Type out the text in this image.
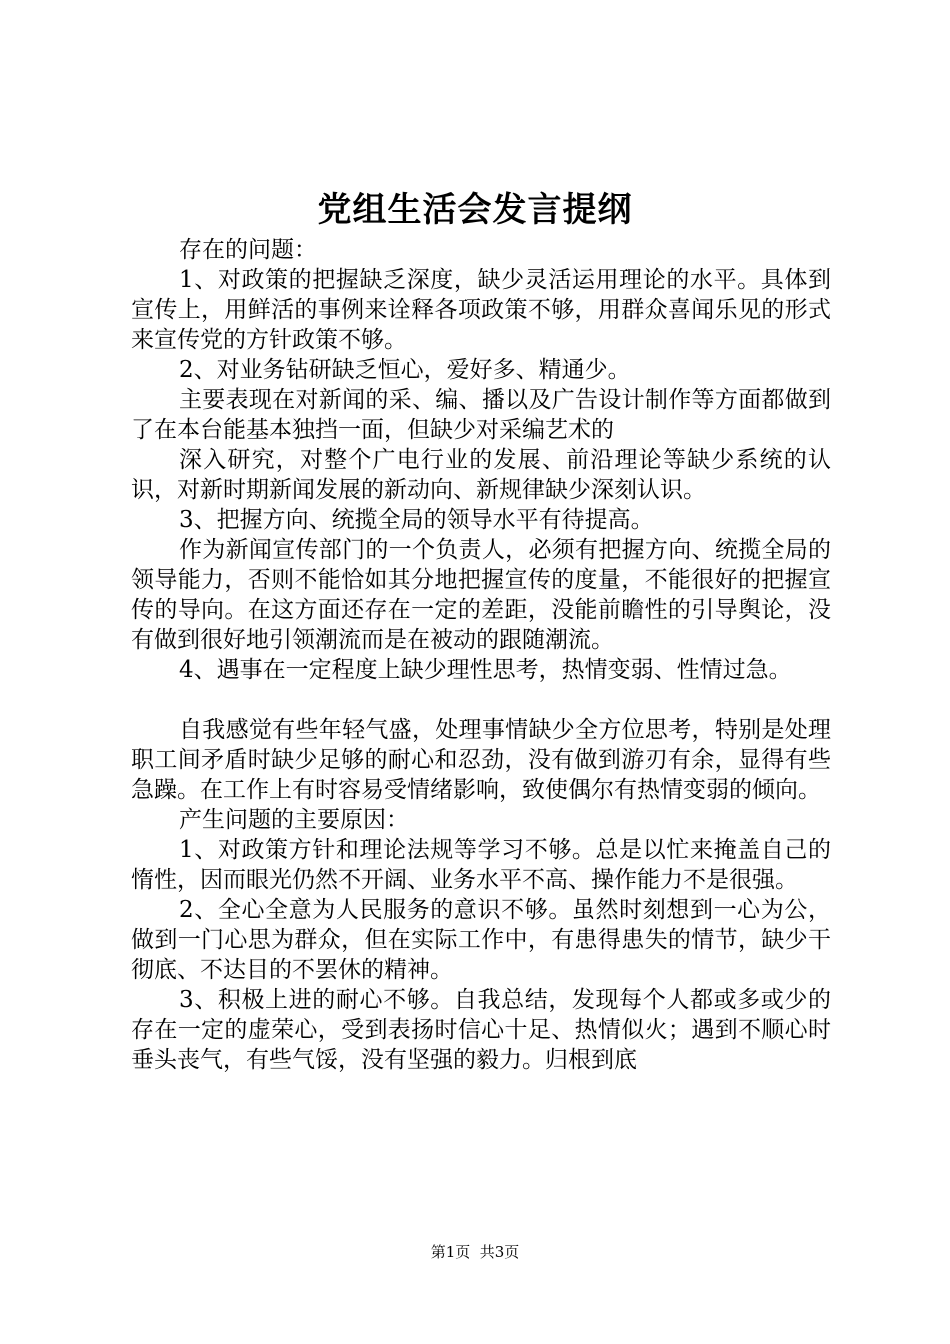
党组生活会发言提纲

存在的问题：

1、对政策的把握缺乏深度，缺少灵活运用理论的水平。具体到宣传上，用鲜活的事例来诠释各项政策不够，用群众喜闻乐见的形式来宣传党的方针政策不够。

2、对业务钻研缺乏恒心，爱好多、精通少。

主要表现在对新闻的采、编、播以及广告设计制作等方面都做到了在本台能基本独挡一面，但缺少对采编艺术的

深入研究，对整个广电行业的发展、前沿理论等缺少系统的认识，对新时期新闻发展的新动向、新规律缺少深刻认识。

3、把握方向、统揽全局的领导水平有待提高。

作为新闻宣传部门的一个负责人，必须有把握方向、统揽全局的领导能力，否则不能恰如其分地把握宣传的度量，不能很好的把握宣传的导向。在这方面还存在一定的差距，没能前瞻性的引导舆论，没有做到很好地引领潮流而是在被动的跟随潮流。

4、遇事在一定程度上缺少理性思考，热情变弱、性情过急。

自我感觉有些年轻气盛，处理事情缺少全方位思考，特别是处理职工间矛盾时缺少足够的耐心和忍劲，没有做到游刃有余，显得有些急躁。在工作上有时容易受情绪影响，致使偶尔有热情变弱的倾向。

产生问题的主要原因：

1、对政策方针和理论法规等学习不够。总是以忙来掩盖自己的惰性，因而眼光仍然不开阔、业务水平不高、操作能力不是很强。

2、全心全意为人民服务的意识不够。虽然时刻想到一心为公，做到一门心思为群众，但在实际工作中，有患得患失的情节，缺少干彻底、不达目的不罢休的精神。

3、积极上进的耐心不够。自我总结，发现每个人都或多或少的存在一定的虚荣心，受到表扬时信心十足、热情似火；遇到不顺心时垂头丧气，有些气馁，没有坚强的毅力。归根到底

第1页  共3页
